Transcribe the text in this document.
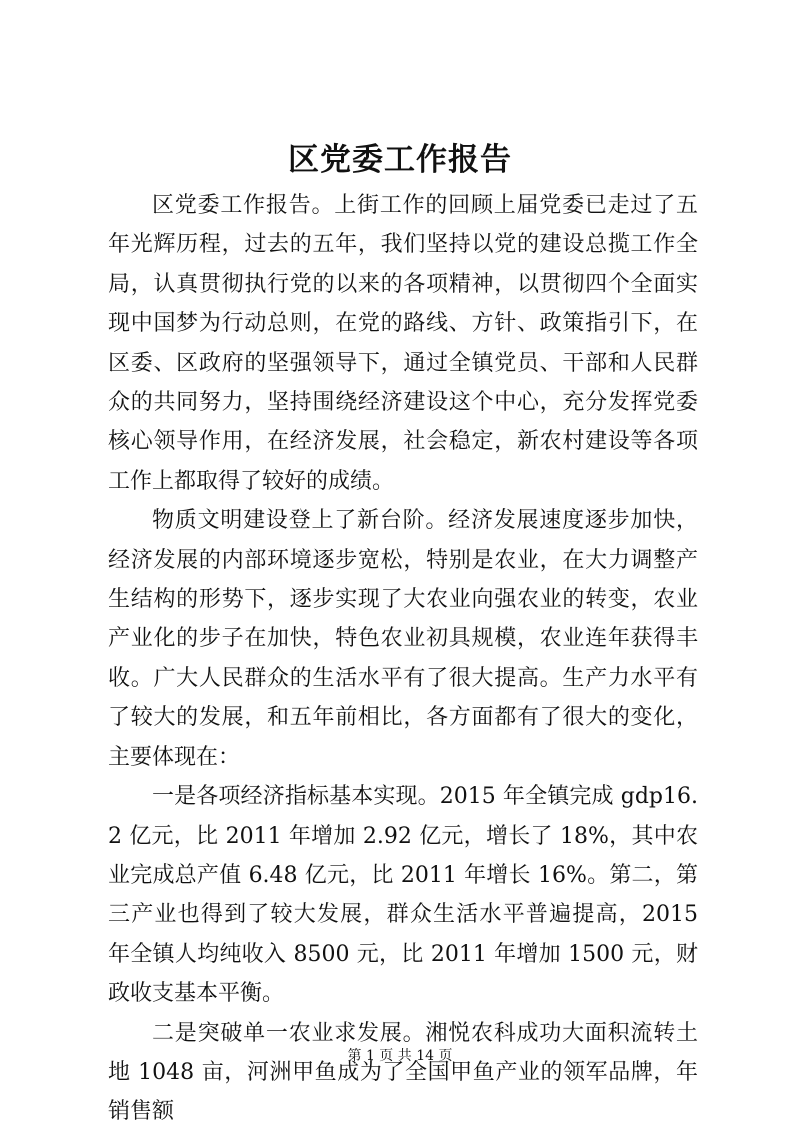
区党委工作报告

区党委工作报告。上街工作的回顾上届党委已走过了五年光辉历程，过去的五年，我们坚持以党的建设总揽工作全局，认真贯彻执行党的以来的各项精神，以贯彻四个全面实现中国梦为行动总则，在党的路线、方针、政策指引下，在区委、区政府的坚强领导下，通过全镇党员、干部和人民群众的共同努力，坚持围绕经济建设这个中心，充分发挥党委核心领导作用，在经济发展，社会稳定，新农村建设等各项工作上都取得了较好的成绩。

物质文明建设登上了新台阶。经济发展速度逐步加快，经济发展的内部环境逐步宽松，特别是农业，在大力调整产生结构的形势下，逐步实现了大农业向强农业的转变，农业产业化的步子在加快，特色农业初具规模，农业连年获得丰收。广大人民群众的生活水平有了很大提高。生产力水平有了较大的发展，和五年前相比，各方面都有了很大的变化，主要体现在：

一是各项经济指标基本实现。2015 年全镇完成 gdp16.2 亿元，比 2011 年增加 2.92 亿元，增长了 18%，其中农业完成总产值 6.48 亿元，比 2011 年增长 16%。第二，第三产业也得到了较大发展，群众生活水平普遍提高，2015 年全镇人均纯收入 8500 元，比 2011 年增加 1500 元，财政收支基本平衡。

二是突破单一农业求发展。湘悦农科成功大面积流转土地 1048 亩，河洲甲鱼成为了全国甲鱼产业的领军品牌，年销售额

第 1 页 共 14 页
